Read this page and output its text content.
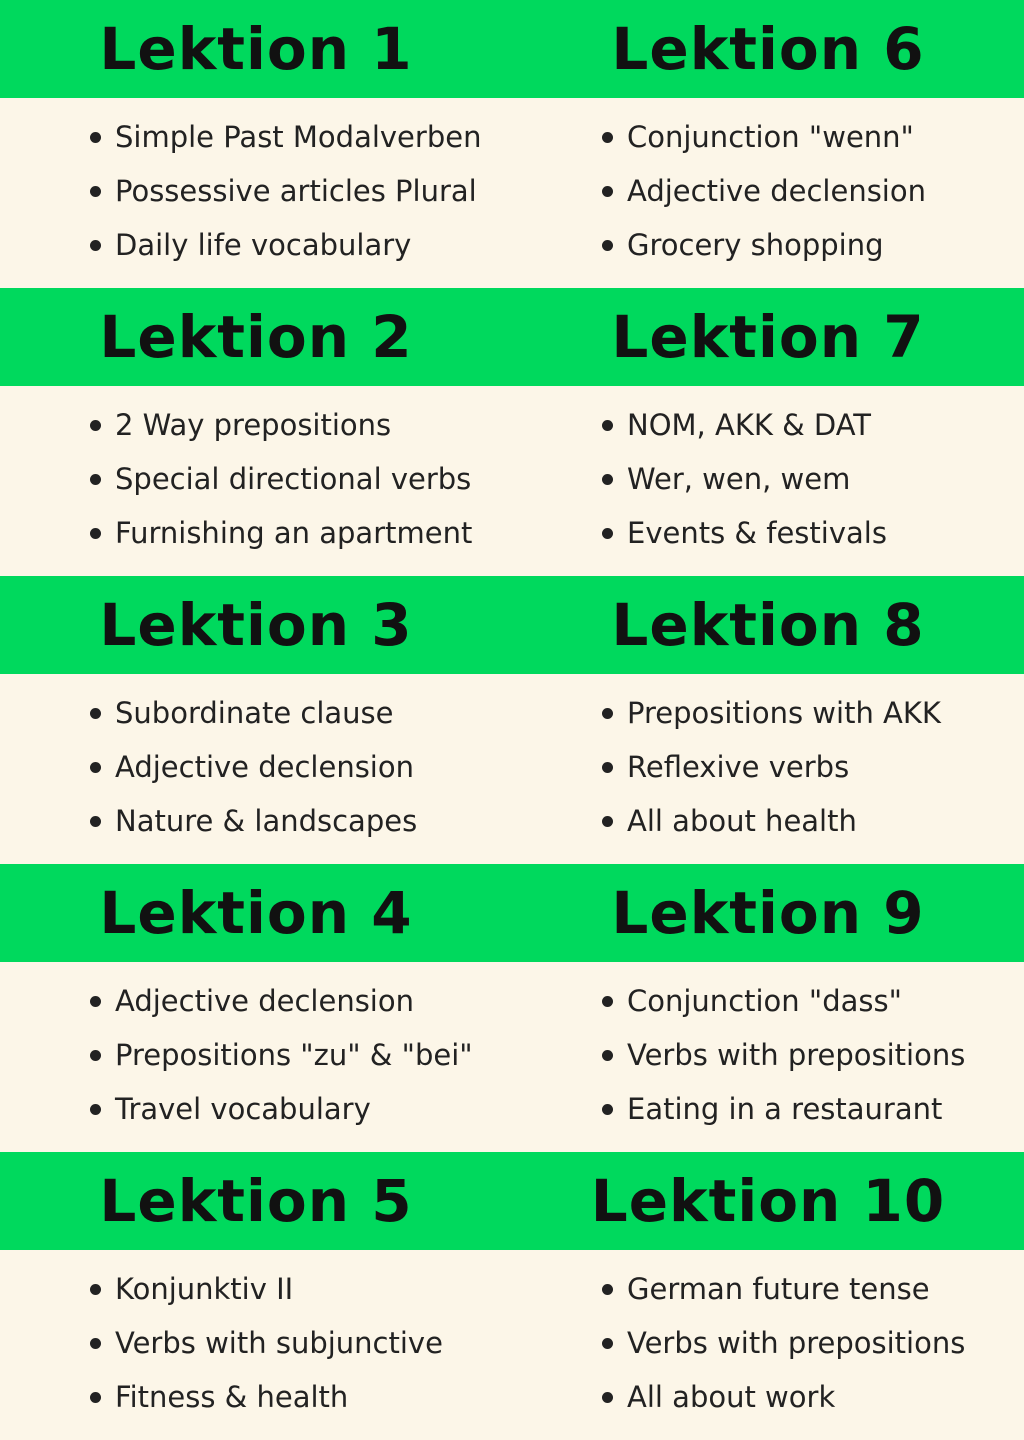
Lektion 1
Simple Past Modalverben
Possessive articles Plural
Daily life vocabulary
Lektion 2
2 Way prepositions
Special directional verbs
Furnishing an apartment
Lektion 3
Subordinate clause
Adjective declension
Nature & landscapes
Lektion 4
Adjective declension
Prepositions "zu" & "bei"
Travel vocabulary
Lektion 5
Konjunktiv II
Verbs with subjunctive
Fitness & health
Lektion 6
Conjunction "wenn"
Adjective declension
Grocery shopping
Lektion 7
NOM, AKK & DAT
Wer, wen, wem
Events & festivals
Lektion 8
Prepositions with AKK
Reflexive verbs
All about health
Lektion 9
Conjunction "dass"
Verbs with prepositions
Eating in a restaurant
Lektion 10
German future tense
Verbs with prepositions
All about work
